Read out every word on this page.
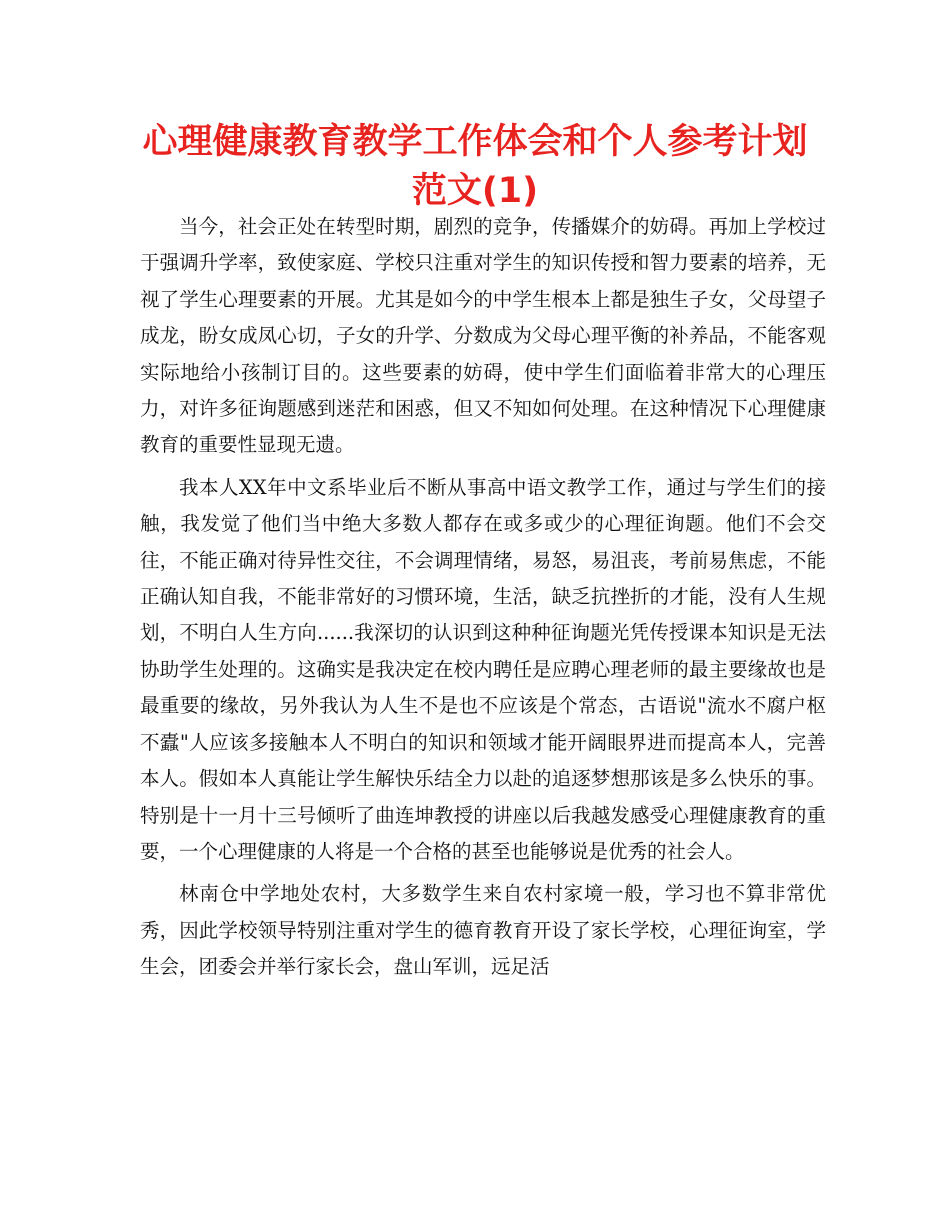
心理健康教育教学工作体会和个人参考计划范文(1)

当今，社会正处在转型时期，剧烈的竞争，传播媒介的妨碍。再加上学校过于强调升学率，致使家庭、学校只注重对学生的知识传授和智力要素的培养，无视了学生心理要素的开展。尤其是如今的中学生根本上都是独生子女，父母望子成龙，盼女成凤心切，子女的升学、分数成为父母心理平衡的补养品，不能客观实际地给小孩制订目的。这些要素的妨碍，使中学生们面临着非常大的心理压力，对许多征询题感到迷茫和困惑，但又不知如何处理。在这种情况下心理健康教育的重要性显现无遗。

我本人XX年中文系毕业后不断从事高中语文教学工作，通过与学生们的接触，我发觉了他们当中绝大多数人都存在或多或少的心理征询题。他们不会交往，不能正确对待异性交往，不会调理情绪，易怒，易沮丧，考前易焦虑，不能正确认知自我，不能非常好的习惯环境，生活，缺乏抗挫折的才能，没有人生规划，不明白人生方向......我深切的认识到这种种征询题光凭传授课本知识是无法协助学生处理的。这确实是我决定在校内聘任是应聘心理老师的最主要缘故也是最重要的缘故，另外我认为人生不是也不应该是个常态，古语说"流水不腐户枢不蠹"人应该多接触本人不明白的知识和领域才能开阔眼界进而提高本人，完善本人。假如本人真能让学生解快乐结全力以赴的追逐梦想那该是多么快乐的事。特别是十一月十三号倾听了曲连坤教授的讲座以后我越发感受心理健康教育的重要，一个心理健康的人将是一个合格的甚至也能够说是优秀的社会人。

林南仓中学地处农村，大多数学生来自农村家境一般，学习也不算非常优秀，因此学校领导特别注重对学生的德育教育开设了家长学校，心理征询室，学生会，团委会并举行家长会，盘山军训，远足活
